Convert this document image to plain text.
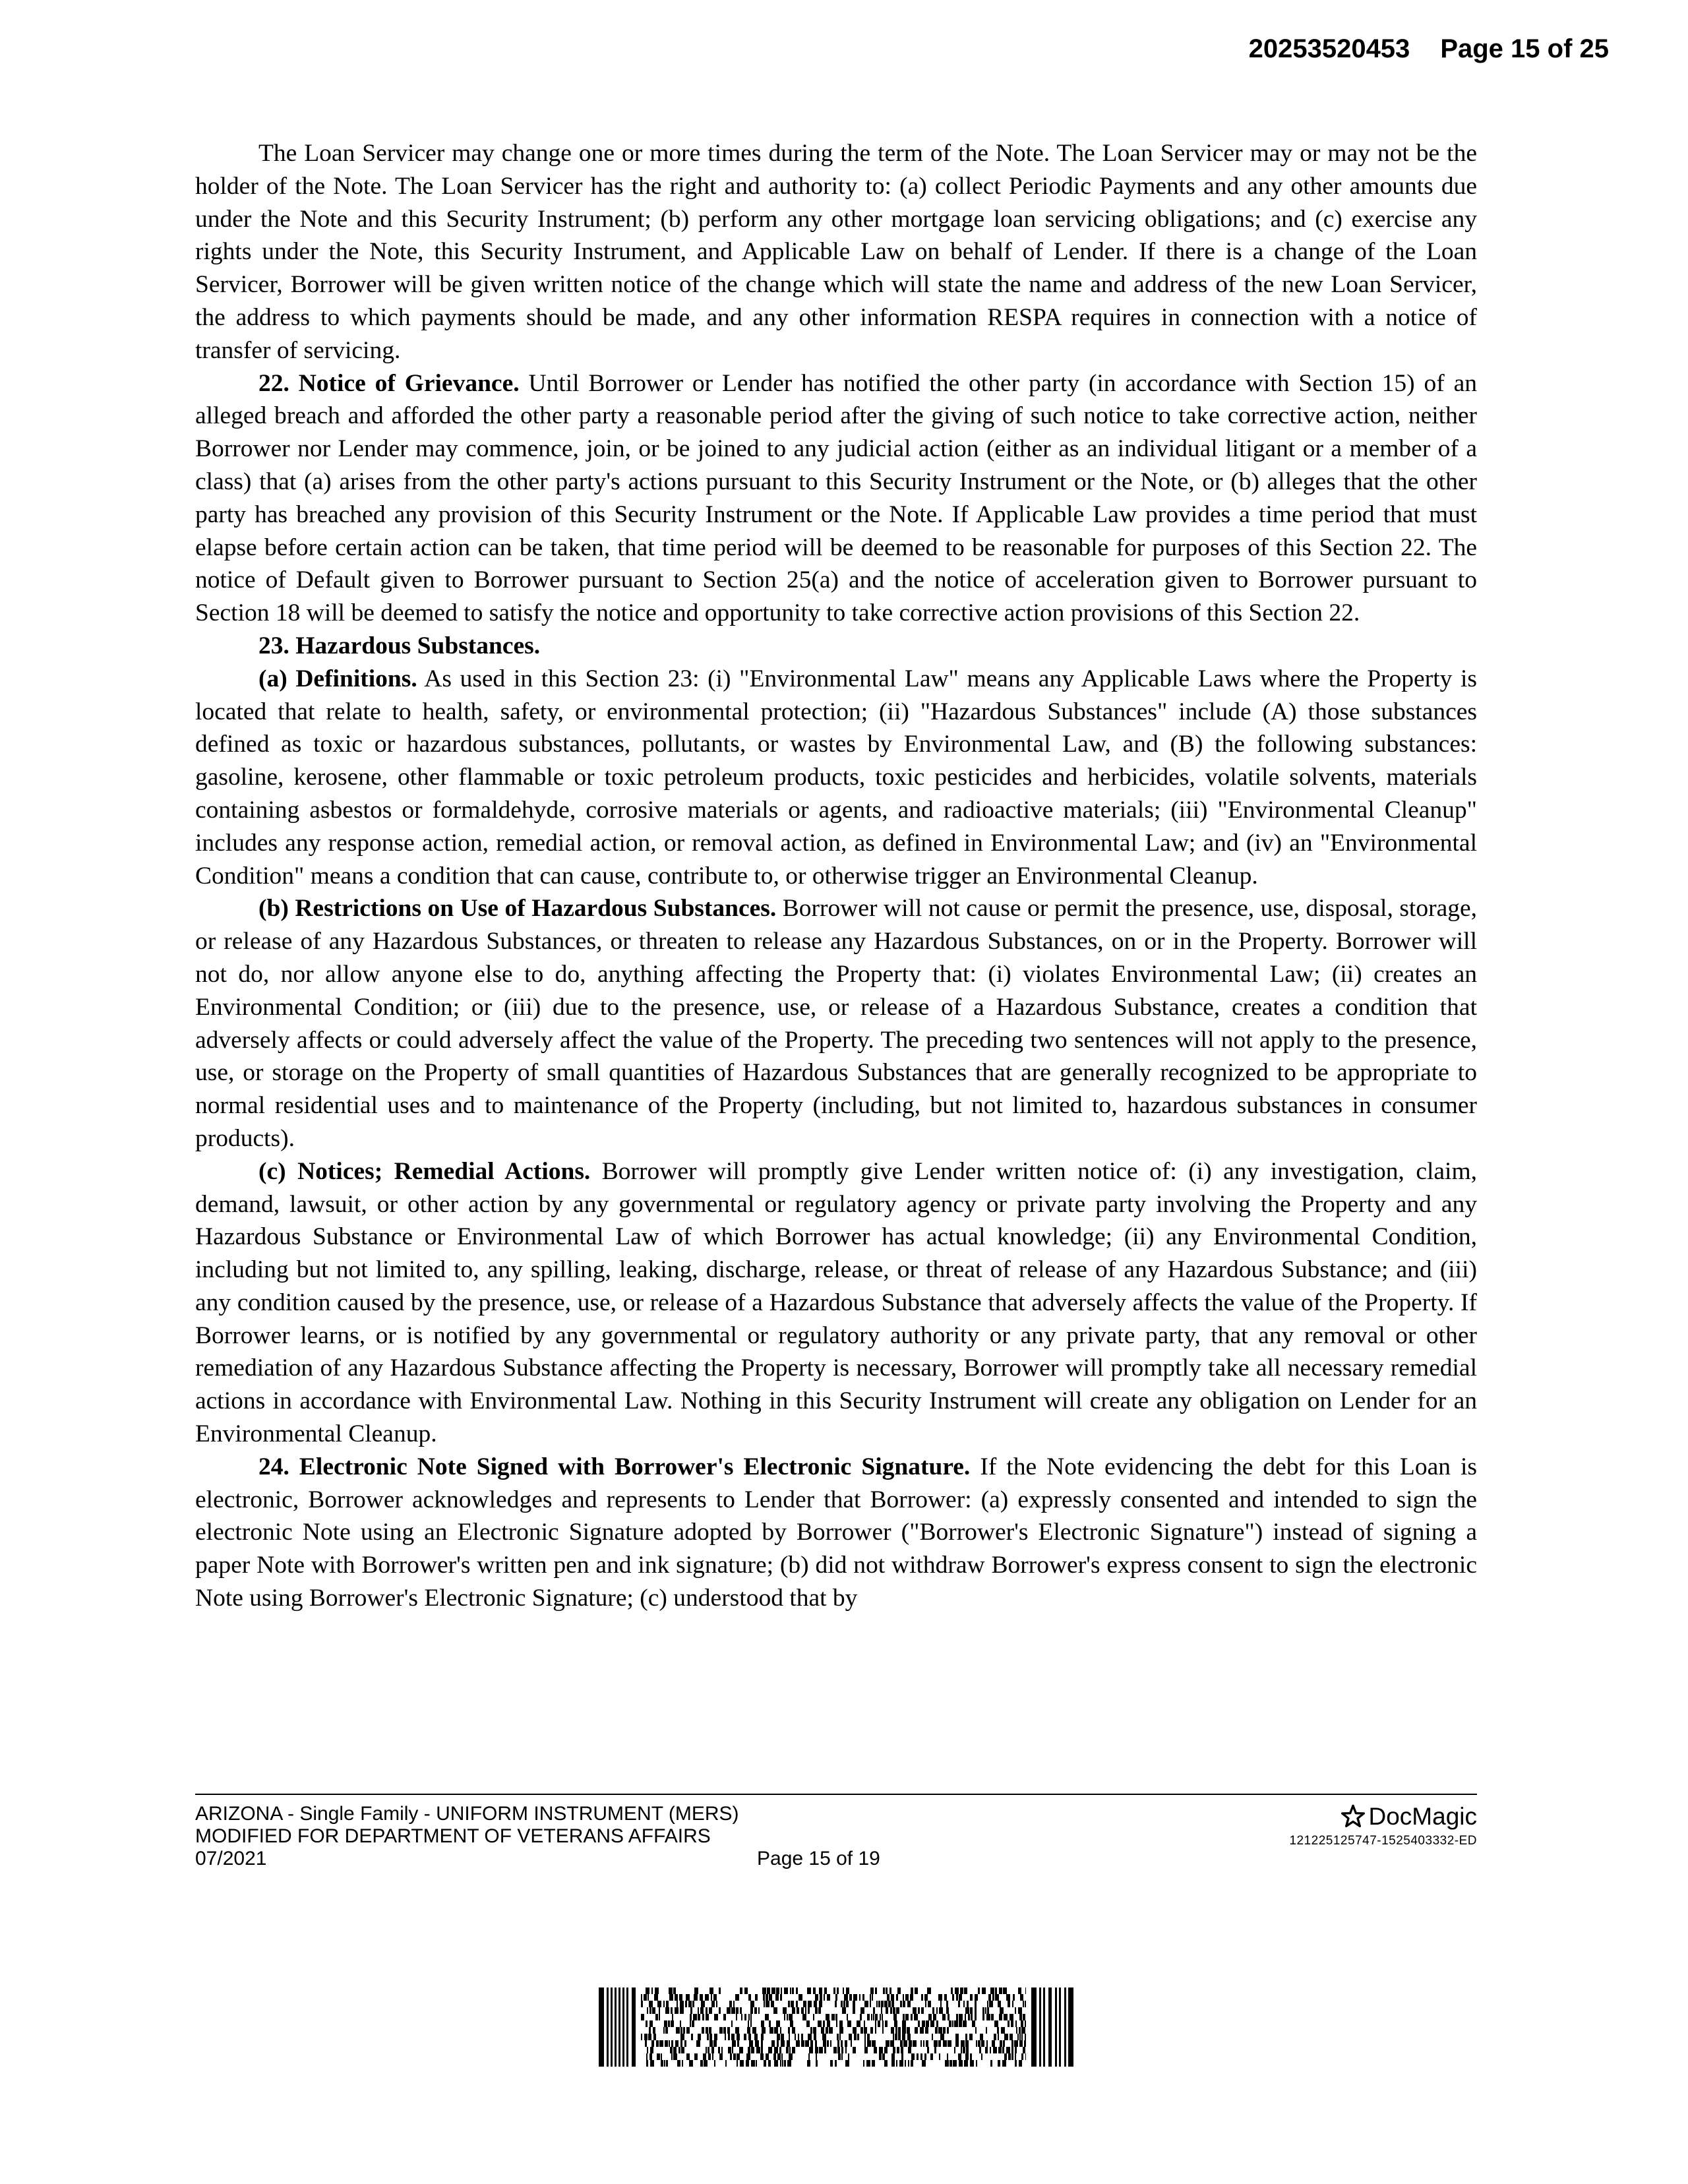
20253520453 Page 15 of 25

The Loan Servicer may change one or more times during the term of the Note. The Loan Servicer may or may not be the holder of the Note. The Loan Servicer has the right and authority to: (a) collect Periodic Payments and any other amounts due under the Note and this Security Instrument; (b) perform any other mortgage loan servicing obligations; and (c) exercise any rights under the Note, this Security Instrument, and Applicable Law on behalf of Lender. If there is a change of the Loan Servicer, Borrower will be given written notice of the change which will state the name and address of the new Loan Servicer, the address to which payments should be made, and any other information RESPA requires in connection with a notice of transfer of servicing.

22. Notice of Grievance. Until Borrower or Lender has notified the other party (in accordance with Section 15) of an alleged breach and afforded the other party a reasonable period after the giving of such notice to take corrective action, neither Borrower nor Lender may commence, join, or be joined to any judicial action (either as an individual litigant or a member of a class) that (a) arises from the other party's actions pursuant to this Security Instrument or the Note, or (b) alleges that the other party has breached any provision of this Security Instrument or the Note. If Applicable Law provides a time period that must elapse before certain action can be taken, that time period will be deemed to be reasonable for purposes of this Section 22. The notice of Default given to Borrower pursuant to Section 25(a) and the notice of acceleration given to Borrower pursuant to Section 18 will be deemed to satisfy the notice and opportunity to take corrective action provisions of this Section 22.

23. Hazardous Substances.

(a) Definitions. As used in this Section 23: (i) "Environmental Law" means any Applicable Laws where the Property is located that relate to health, safety, or environmental protection; (ii) "Hazardous Substances" include (A) those substances defined as toxic or hazardous substances, pollutants, or wastes by Environmental Law, and (B) the following substances: gasoline, kerosene, other flammable or toxic petroleum products, toxic pesticides and herbicides, volatile solvents, materials containing asbestos or formaldehyde, corrosive materials or agents, and radioactive materials; (iii) "Environmental Cleanup" includes any response action, remedial action, or removal action, as defined in Environmental Law; and (iv) an "Environmental Condition" means a condition that can cause, contribute to, or otherwise trigger an Environmental Cleanup.

(b) Restrictions on Use of Hazardous Substances. Borrower will not cause or permit the presence, use, disposal, storage, or release of any Hazardous Substances, or threaten to release any Hazardous Substances, on or in the Property. Borrower will not do, nor allow anyone else to do, anything affecting the Property that: (i) violates Environmental Law; (ii) creates an Environmental Condition; or (iii) due to the presence, use, or release of a Hazardous Substance, creates a condition that adversely affects or could adversely affect the value of the Property. The preceding two sentences will not apply to the presence, use, or storage on the Property of small quantities of Hazardous Substances that are generally recognized to be appropriate to normal residential uses and to maintenance of the Property (including, but not limited to, hazardous substances in consumer products).

(c) Notices; Remedial Actions. Borrower will promptly give Lender written notice of: (i) any investigation, claim, demand, lawsuit, or other action by any governmental or regulatory agency or private party involving the Property and any Hazardous Substance or Environmental Law of which Borrower has actual knowledge; (ii) any Environmental Condition, including but not limited to, any spilling, leaking, discharge, release, or threat of release of any Hazardous Substance; and (iii) any condition caused by the presence, use, or release of a Hazardous Substance that adversely affects the value of the Property. If Borrower learns, or is notified by any governmental or regulatory authority or any private party, that any removal or other remediation of any Hazardous Substance affecting the Property is necessary, Borrower will promptly take all necessary remedial actions in accordance with Environmental Law. Nothing in this Security Instrument will create any obligation on Lender for an Environmental Cleanup.

24. Electronic Note Signed with Borrower's Electronic Signature. If the Note evidencing the debt for this Loan is electronic, Borrower acknowledges and represents to Lender that Borrower: (a) expressly consented and intended to sign the electronic Note using an Electronic Signature adopted by Borrower ("Borrower's Electronic Signature") instead of signing a paper Note with Borrower's written pen and ink signature; (b) did not withdraw Borrower's express consent to sign the electronic Note using Borrower's Electronic Signature; (c) understood that by

ARIZONA - Single Family - UNIFORM INSTRUMENT (MERS)
MODIFIED FOR DEPARTMENT OF VETERANS AFFAIRS
07/2021	Page 15 of 19
DocMagic
121225125747-1525403332-ED
